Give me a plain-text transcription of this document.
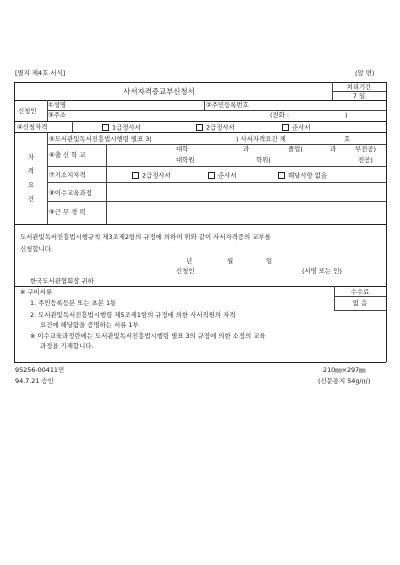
[별지 제4호 서식]	(앞 면)
사서자격증교부신청서	처리기간
7 일
신청인
①성명	②주민등록번호
③주소	(전화 :	)
④신청자격	1급정사서	2급정사서	준사서
자
격
요
건
⑤도서관및독서진흥법시행령 별표 3(	) 사서자격요건 제	호
⑥출 신 학 교
대학	과	졸업(	과	부전공)
대학원	학위(	전공)
⑦기소지자격	2급정사서	준사서	해당사항 없음
⑧이수교육과정
⑨근 무 경 력
도서관및독서진흥법시행규칙 제3조제2항의 규정에 의하여 위와 같이 사서자격증의 교부를
신청합니다.
년	월	일
신청인	(서명 또는 인)
한국도서관협회장 귀하
※ 구비서류
1. 주민등록등본 또는 초본 1통
2. 도서관및독서진흥법시행령 제5조제1항의 규정에 의한 사서직원의 자격
요건에 해당함을 증명하는 서류 1부
※ 이수교육과정란에는 도서관및독서진흥법시행령 별표 3의 규정에 의한 소정의 교육
과정을 기재합니다.
수수료
없 음
95256-00411민
94.7.21 승인
210㎜×297㎜
(신문용지 54g/㎡)
